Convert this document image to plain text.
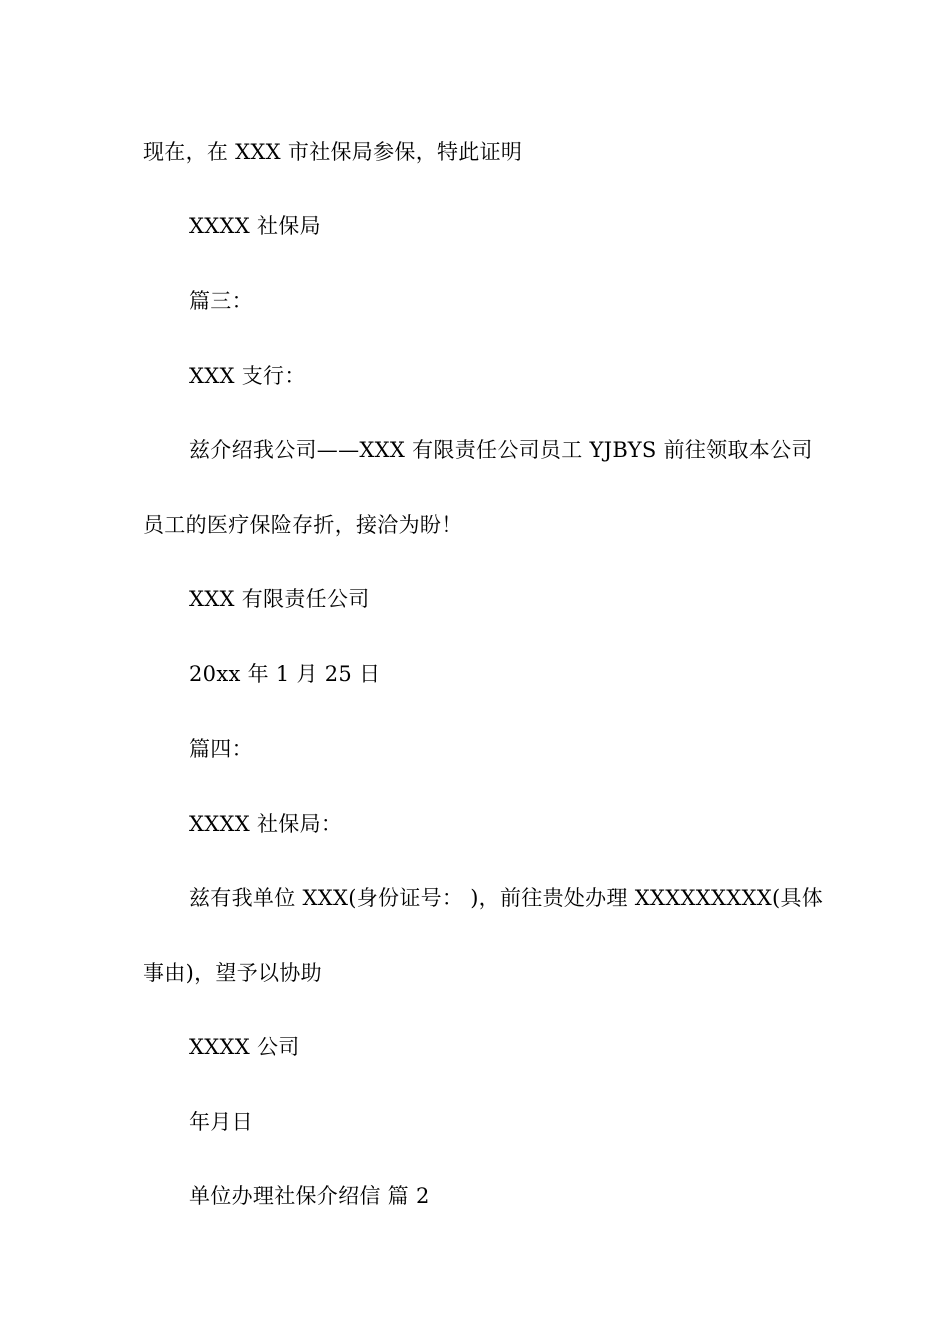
现在，在 XXX 市社保局参保，特此证明
XXXX 社保局
篇三：
XXX 支行：
兹介绍我公司——XXX 有限责任公司员工 YJBYS 前往领取本公司
员工的医疗保险存折，接洽为盼！
XXX 有限责任公司
20xx 年 1 月 25 日
篇四：
XXXX 社保局：
兹有我单位 XXX(身份证号： )，前往贵处办理 XXXXXXXXX(具体
事由)，望予以协助
XXXX 公司
年月日
单位办理社保介绍信 篇 2
